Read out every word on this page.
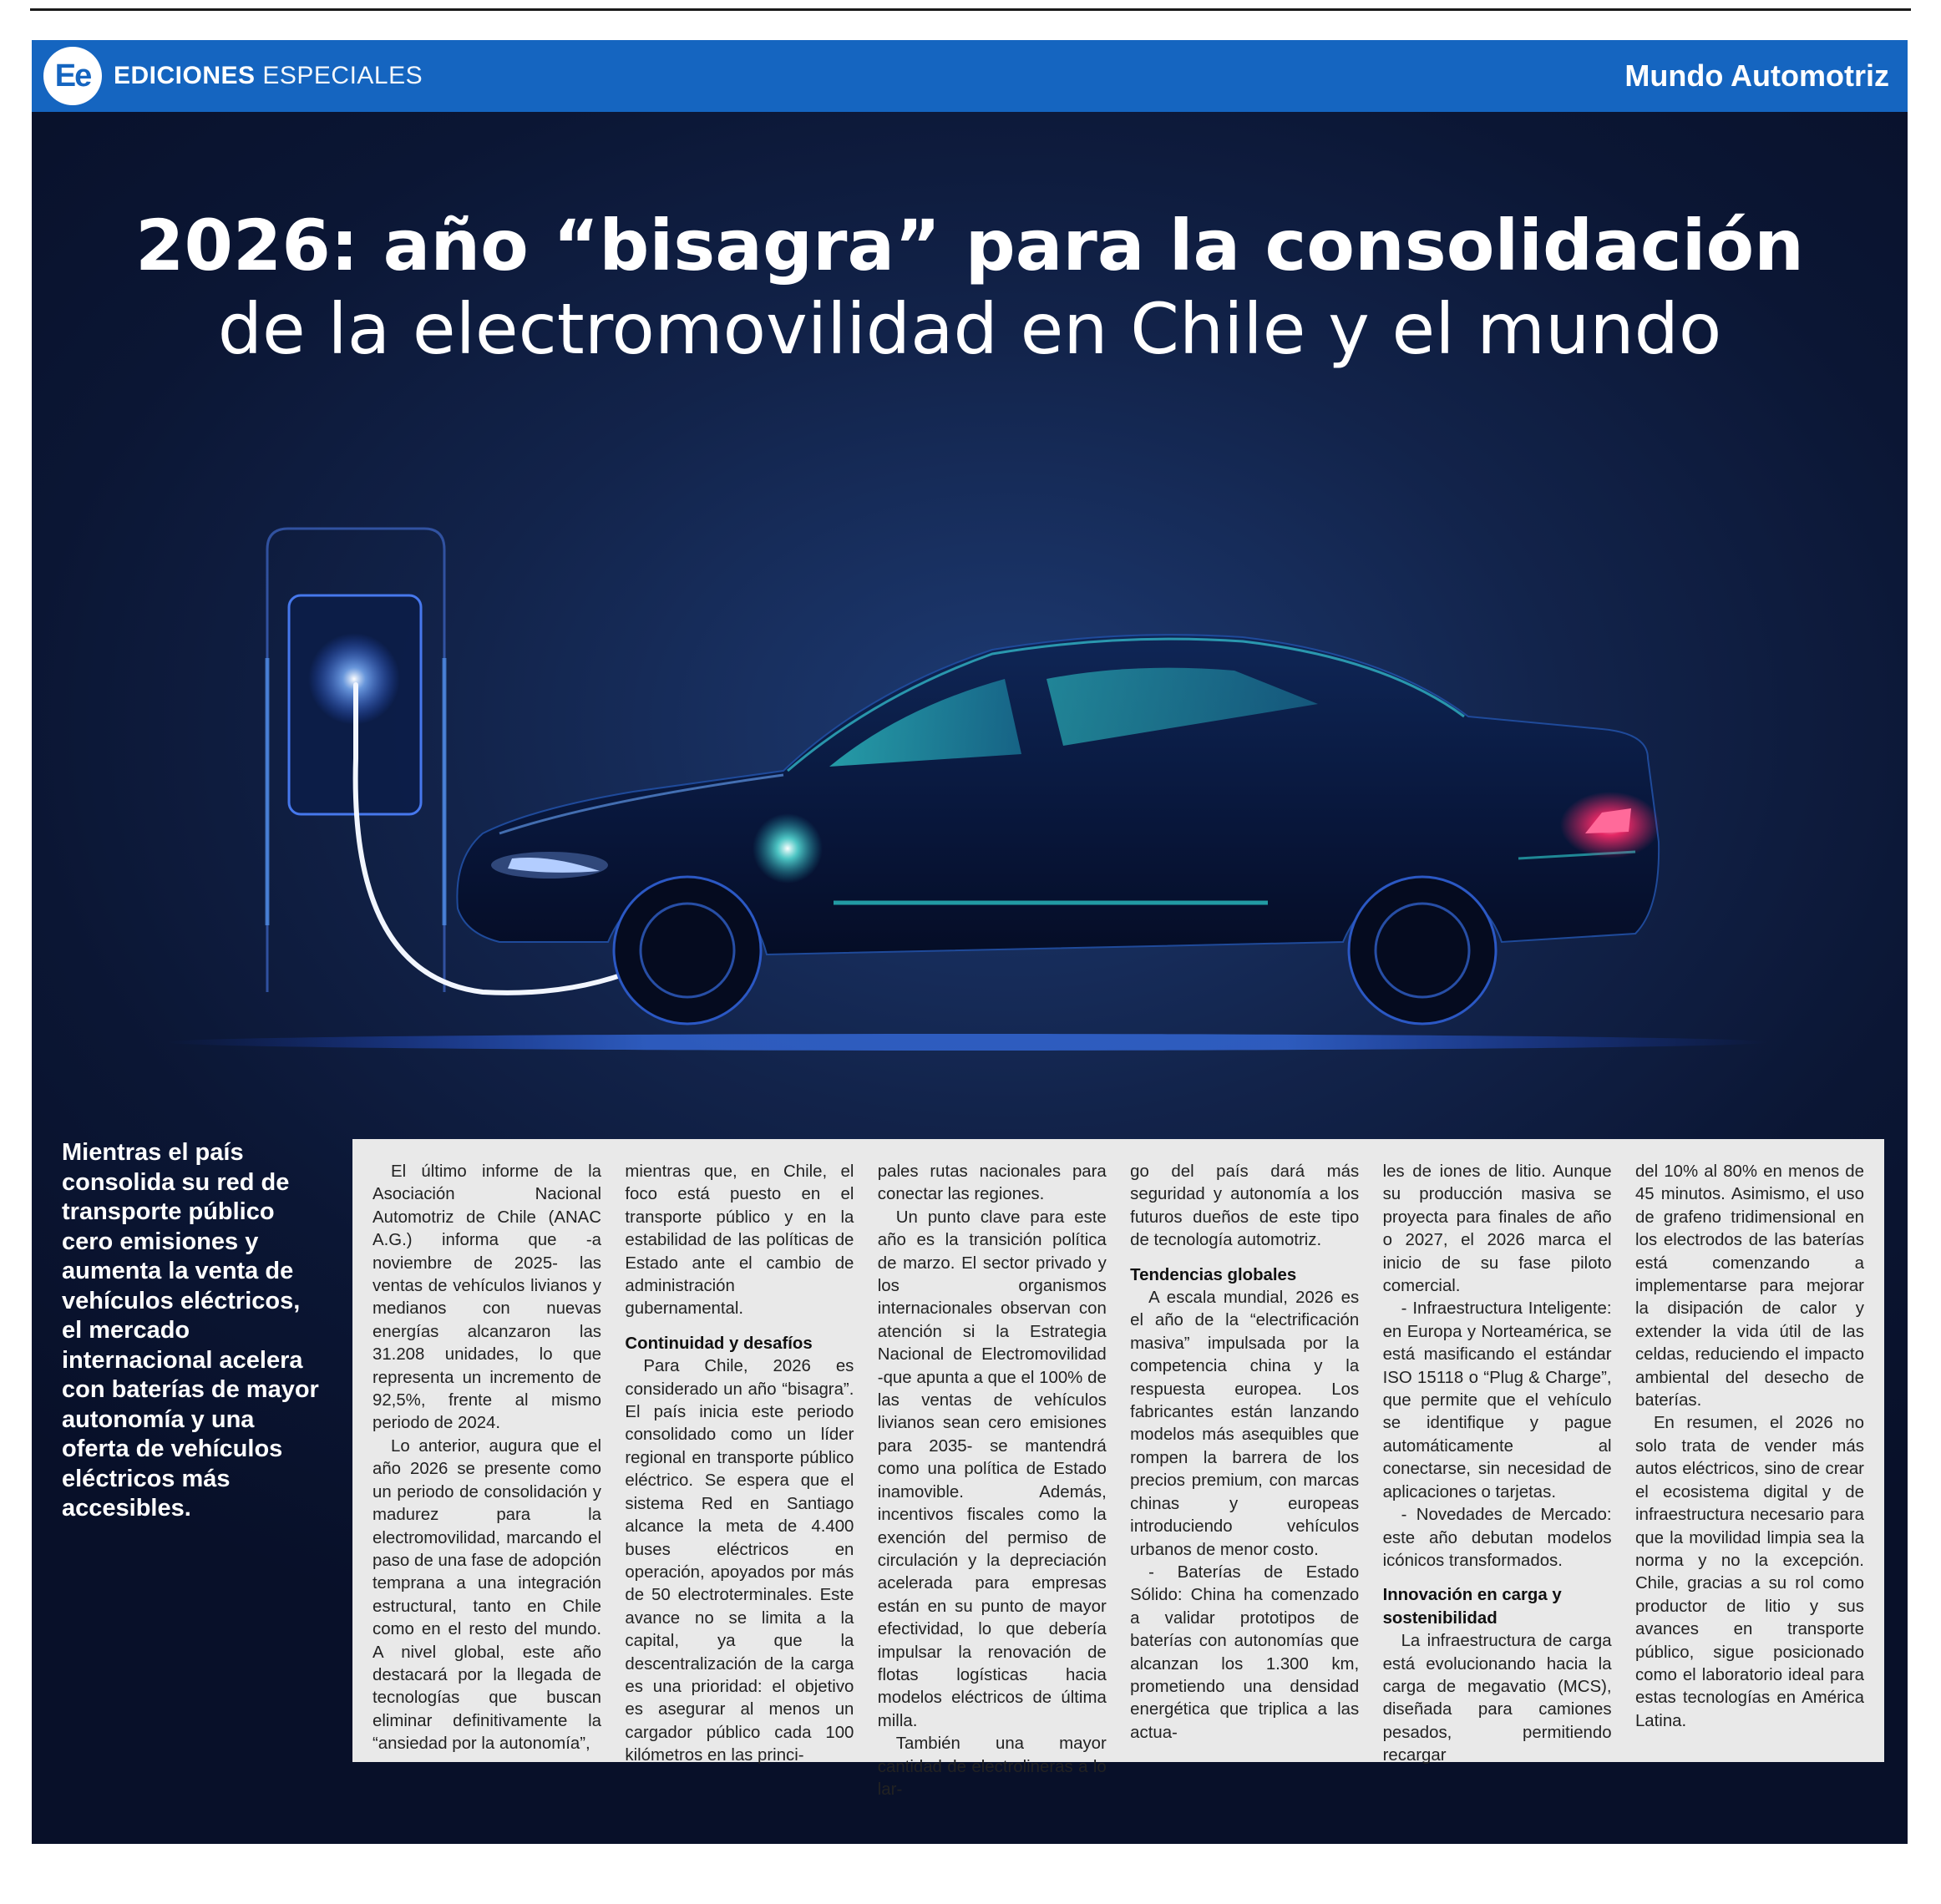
Ee EDICIONES ESPECIALES	Mundo Automotriz
2026: año “bisagra” para la consolidación
de la electromovilidad en Chile y el mundo
Mientras el país consolida su red de transporte público cero emisiones y aumenta la venta de vehículos eléctricos, el mercado internacional acelera con baterías de mayor autonomía y una oferta de vehículos eléctricos más accesibles.

El último informe de la Asociación Nacional Automotriz de Chile (ANAC A.G.) informa que -a noviembre de 2025- las ventas de vehículos livianos y medianos con nuevas energías alcanzaron las 31.208 unidades, lo que representa un incremento de 92,5%, frente al mismo periodo de 2024.

Lo anterior, augura que el año 2026 se presente como un periodo de consolidación y madurez para la electromovilidad, marcando el paso de una fase de adopción temprana a una integración estructural, tanto en Chile como en el resto del mundo. A nivel global, este año destacará por la llegada de tecnologías que buscan eliminar definitivamente la “ansiedad por la autonomía”,

mientras que, en Chile, el foco está puesto en el transporte público y en la estabilidad de las políticas de Estado ante el cambio de administración gubernamental.

Continuidad y desafíos

Para Chile, 2026 es considerado un año “bisagra”. El país inicia este periodo consolidado como un líder regional en transporte público eléctrico. Se espera que el sistema Red en Santiago alcance la meta de 4.400 buses eléctricos en operación, apoyados por más de 50 electroterminales. Este avance no se limita a la capital, ya que la descentralización de la carga es una prioridad: el objetivo es asegurar al menos un cargador público cada 100 kilómetros en las princi-

pales rutas nacionales para conectar las regiones.

Un punto clave para este año es la transición política de marzo. El sector privado y los organismos internacionales observan con atención si la Estrategia Nacional de Electromovilidad -que apunta a que el 100% de las ventas de vehículos livianos sean cero emisiones para 2035- se mantendrá como una política de Estado inamovible. Además, incentivos fiscales como la exención del permiso de circulación y la depreciación acelerada para empresas están en su punto de mayor efectividad, lo que debería impulsar la renovación de flotas logísticas hacia modelos eléctricos de última milla.

También una mayor cantidad de electrolineras a lo lar-

go del país dará más seguridad y autonomía a los futuros dueños de este tipo de tecnología automotriz.

Tendencias globales

A escala mundial, 2026 es el año de la “electrificación masiva” impulsada por la competencia china y la respuesta europea. Los fabricantes están lanzando modelos más asequibles que rompen la barrera de los precios premium, con marcas chinas y europeas introduciendo vehículos urbanos de menor costo.

- Baterías de Estado Sólido: China ha comenzado a validar prototipos de baterías con autonomías que alcanzan los 1.300 km, prometiendo una densidad energética que triplica a las actua-

les de iones de litio. Aunque su producción masiva se proyecta para finales de año o 2027, el 2026 marca el inicio de su fase piloto comercial.

- Infraestructura Inteligente: en Europa y Norteamérica, se está masificando el estándar ISO 15118 o “Plug & Charge”, que permite que el vehículo se identifique y pague automáticamente al conectarse, sin necesidad de aplicaciones o tarjetas.

- Novedades de Mercado: este año debutan modelos icónicos transformados.

Innovación en carga y sostenibilidad

La infraestructura de carga está evolucionando hacia la carga de megavatio (MCS), diseñada para camiones pesados, permitiendo recargar

del 10% al 80% en menos de 45 minutos. Asimismo, el uso de grafeno tridimensional en los electrodos de las baterías está comenzando a implementarse para mejorar la disipación de calor y extender la vida útil de las celdas, reduciendo el impacto ambiental del desecho de baterías.

En resumen, el 2026 no solo trata de vender más autos eléctricos, sino de crear el ecosistema digital y de infraestructura necesario para que la movilidad limpia sea la norma y no la excepción. Chile, gracias a su rol como productor de litio y sus avances en transporte público, sigue posicionado como el laboratorio ideal para estas tecnologías en América Latina.
